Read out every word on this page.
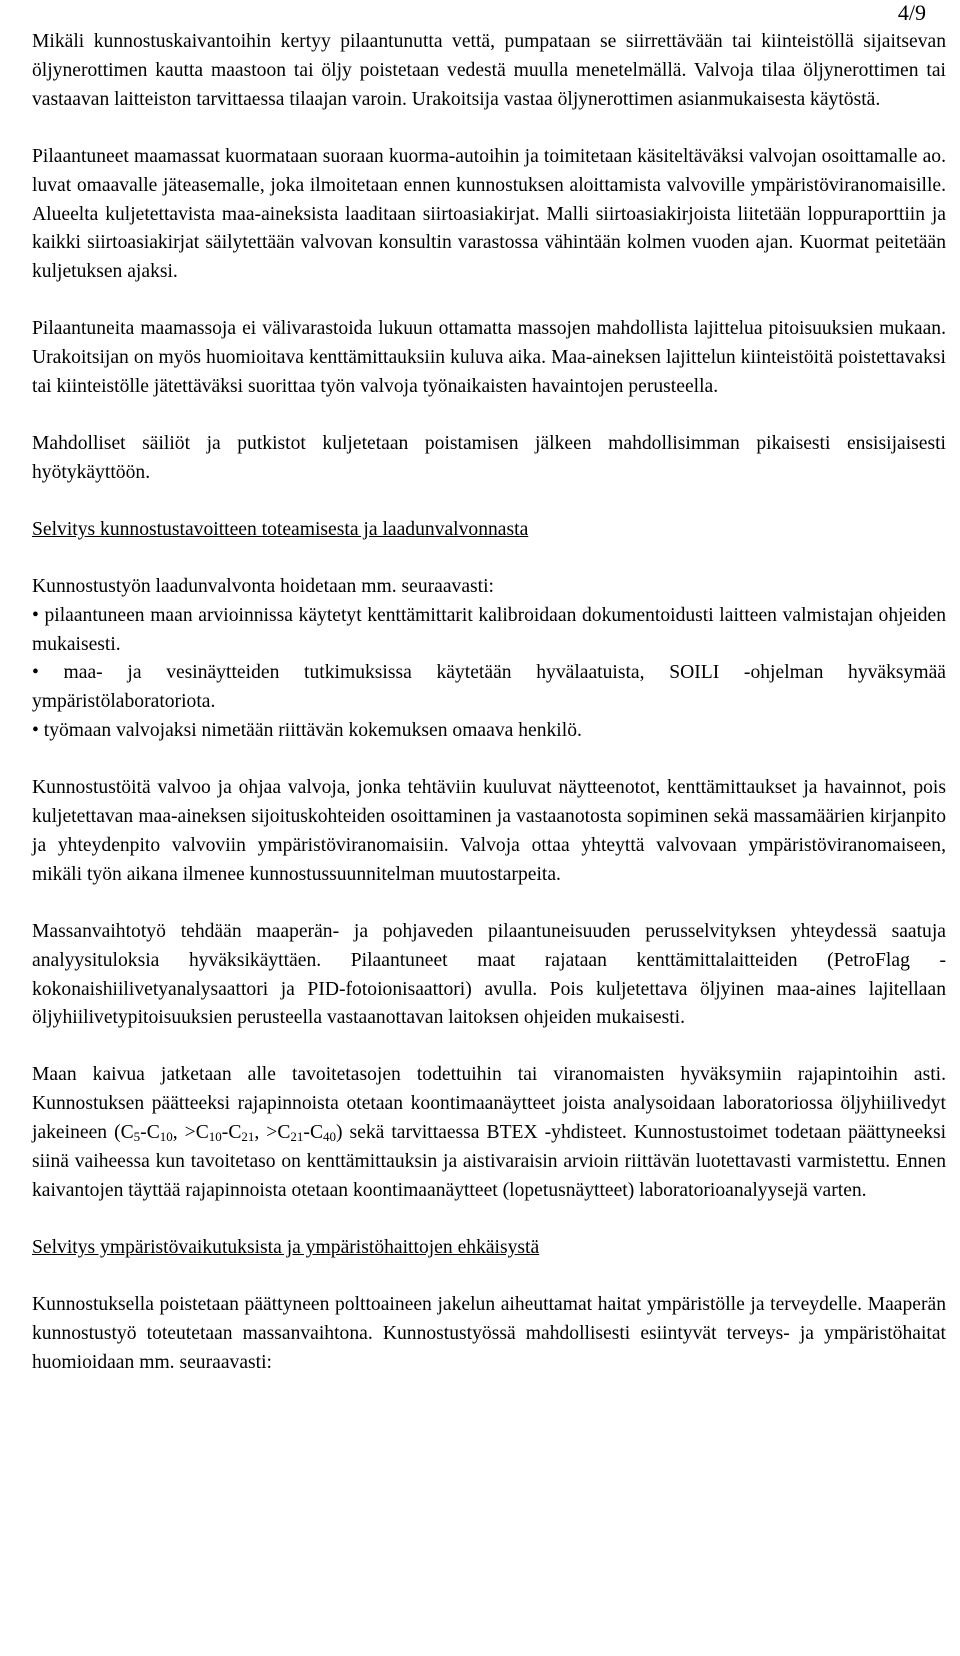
4/9

Mikäli kunnostuskaivantoihin kertyy pilaantunutta vettä, pumpataan se siirrettävään tai kiinteistöllä sijaitsevan öljynerottimen kautta maastoon tai öljy poistetaan vedestä muulla menetelmällä. Valvoja tilaa öljynerottimen tai vastaavan laitteiston tarvittaessa tilaajan varoin. Urakoitsija vastaa öljynerottimen asianmukaisesta käytöstä.

Pilaantuneet maamassat kuormataan suoraan kuorma-autoihin ja toimitetaan käsiteltäväksi valvojan osoittamalle ao. luvat omaavalle jäteasemalle, joka ilmoitetaan ennen kunnostuksen aloittamista valvoville ympäristöviranomaisille. Alueelta kuljetettavista maa-aineksista laaditaan siirtoasiakirjat. Malli siirtoasiakirjoista liitetään loppuraporttiin ja kaikki siirtoasiakirjat säilytettään valvovan konsultin varastossa vähintään kolmen vuoden ajan. Kuormat peitetään kuljetuksen ajaksi.

Pilaantuneita maamassoja ei välivarastoida lukuun ottamatta massojen mahdollista lajittelua pitoisuuksien mukaan. Urakoitsijan on myös huomioitava kenttämittauksiin kuluva aika. Maa-aineksen lajittelun kiinteistöitä poistettavaksi tai kiinteistölle jätettäväksi suorittaa työn valvoja työnaikaisten havaintojen perusteella.

Mahdolliset säiliöt ja putkistot kuljetetaan poistamisen jälkeen mahdollisimman pikaisesti ensisijaisesti hyötykäyttöön.

Selvitys kunnostustavoitteen toteamisesta ja laadunvalvonnasta

Kunnostustyön laadunvalvonta hoidetaan mm. seuraavasti:

• pilaantuneen maan arvioinnissa käytetyt kenttämittarit kalibroidaan dokumentoidusti laitteen valmistajan ohjeiden mukaisesti.
• maa- ja vesinäytteiden tutkimuksissa käytetään hyvälaatuista, SOILI -ohjelman hyväksymää ympäristölaboratoriota.
• työmaan valvojaksi nimetään riittävän kokemuksen omaava henkilö.

Kunnostustöitä valvoo ja ohjaa valvoja, jonka tehtäviin kuuluvat näytteenotot, kenttämittaukset ja havainnot, pois kuljetettavan maa-aineksen sijoituskohteiden osoittaminen ja vastaanotosta sopiminen sekä massamäärien kirjanpito ja yhteydenpito valvoviin ympäristöviranomaisiin. Valvoja ottaa yhteyttä valvovaan ympäristöviranomaiseen, mikäli työn aikana ilmenee kunnostussuunnitelman muutostarpeita.

Massanvaihtotyö tehdään maaperän- ja pohjaveden pilaantuneisuuden perusselvityksen yhteydessä saatuja analyysituloksia hyväksikäyttäen. Pilaantuneet maat rajataan kenttämittalaitteiden (PetroFlag -kokonaishiilivetyanalysaattori ja PID-fotoionisaattori) avulla. Pois kuljetettava öljyinen maa-aines lajitellaan öljyhiilivetypitoisuuksien perusteella vastaanottavan laitoksen ohjeiden mukaisesti.

Maan kaivua jatketaan alle tavoitetasojen todettuihin tai viranomaisten hyväksymiin rajapintoihin asti. Kunnostuksen päätteeksi rajapinnoista otetaan koontimaanäytteet joista analysoidaan laboratoriossa öljyhiilivedyt jakeineen ($C_5-C_{10}$, $>C_{10}-C_{21}$, $>C_{21}-C_{40}$) sekä tarvittaessa BTEX -yhdisteet. Kunnostustoimet todetaan päättyneeksi siinä vaiheessa kun tavoitetaso on kenttämittauksin ja aistivaraisin arvioin riittävän luotettavasti varmistettu. Ennen kaivantojen täyttää rajapinnoista otetaan koontimaanäytteet (lopetusnäytteet) laboratorioanalyysejä varten.

Selvitys ympäristövaikutuksista ja ympäristöhaittojen ehkäisystä

Kunnostuksella poistetaan päättyneen polttoaineen jakelun aiheuttamat haitat ympäristölle ja terveydelle. Maaperän kunnostustyö toteutetaan massanvaihtona. Kunnostustyössä mahdollisesti esiintyvät terveys- ja ympäristöhaitat huomioidaan mm. seuraavasti:
